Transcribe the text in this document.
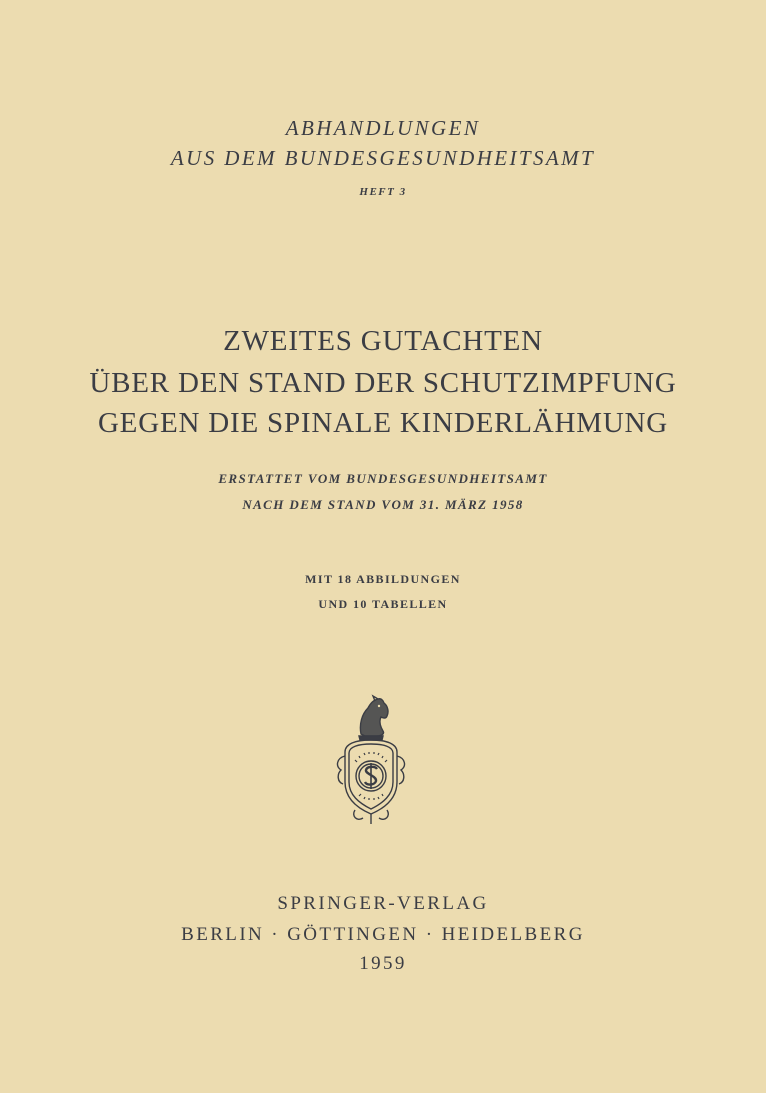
ABHANDLUNGEN

AUS DEM BUNDESGESUNDHEITSAMT

HEFT 3

ZWEITES GUTACHTEN
ÜBER DEN STAND DER SCHUTZIMPFUNG
GEGEN DIE SPINALE KINDERLÄHMUNG

ERSTATTET VOM BUNDESGESUNDHEITSAMT

NACH DEM STAND VOM 31. MÄRZ 1958

MIT 18 ABBILDUNGEN

UND 10 TABELLEN

SPRINGER-VERLAG

BERLIN · GÖTTINGEN · HEIDELBERG

1959
